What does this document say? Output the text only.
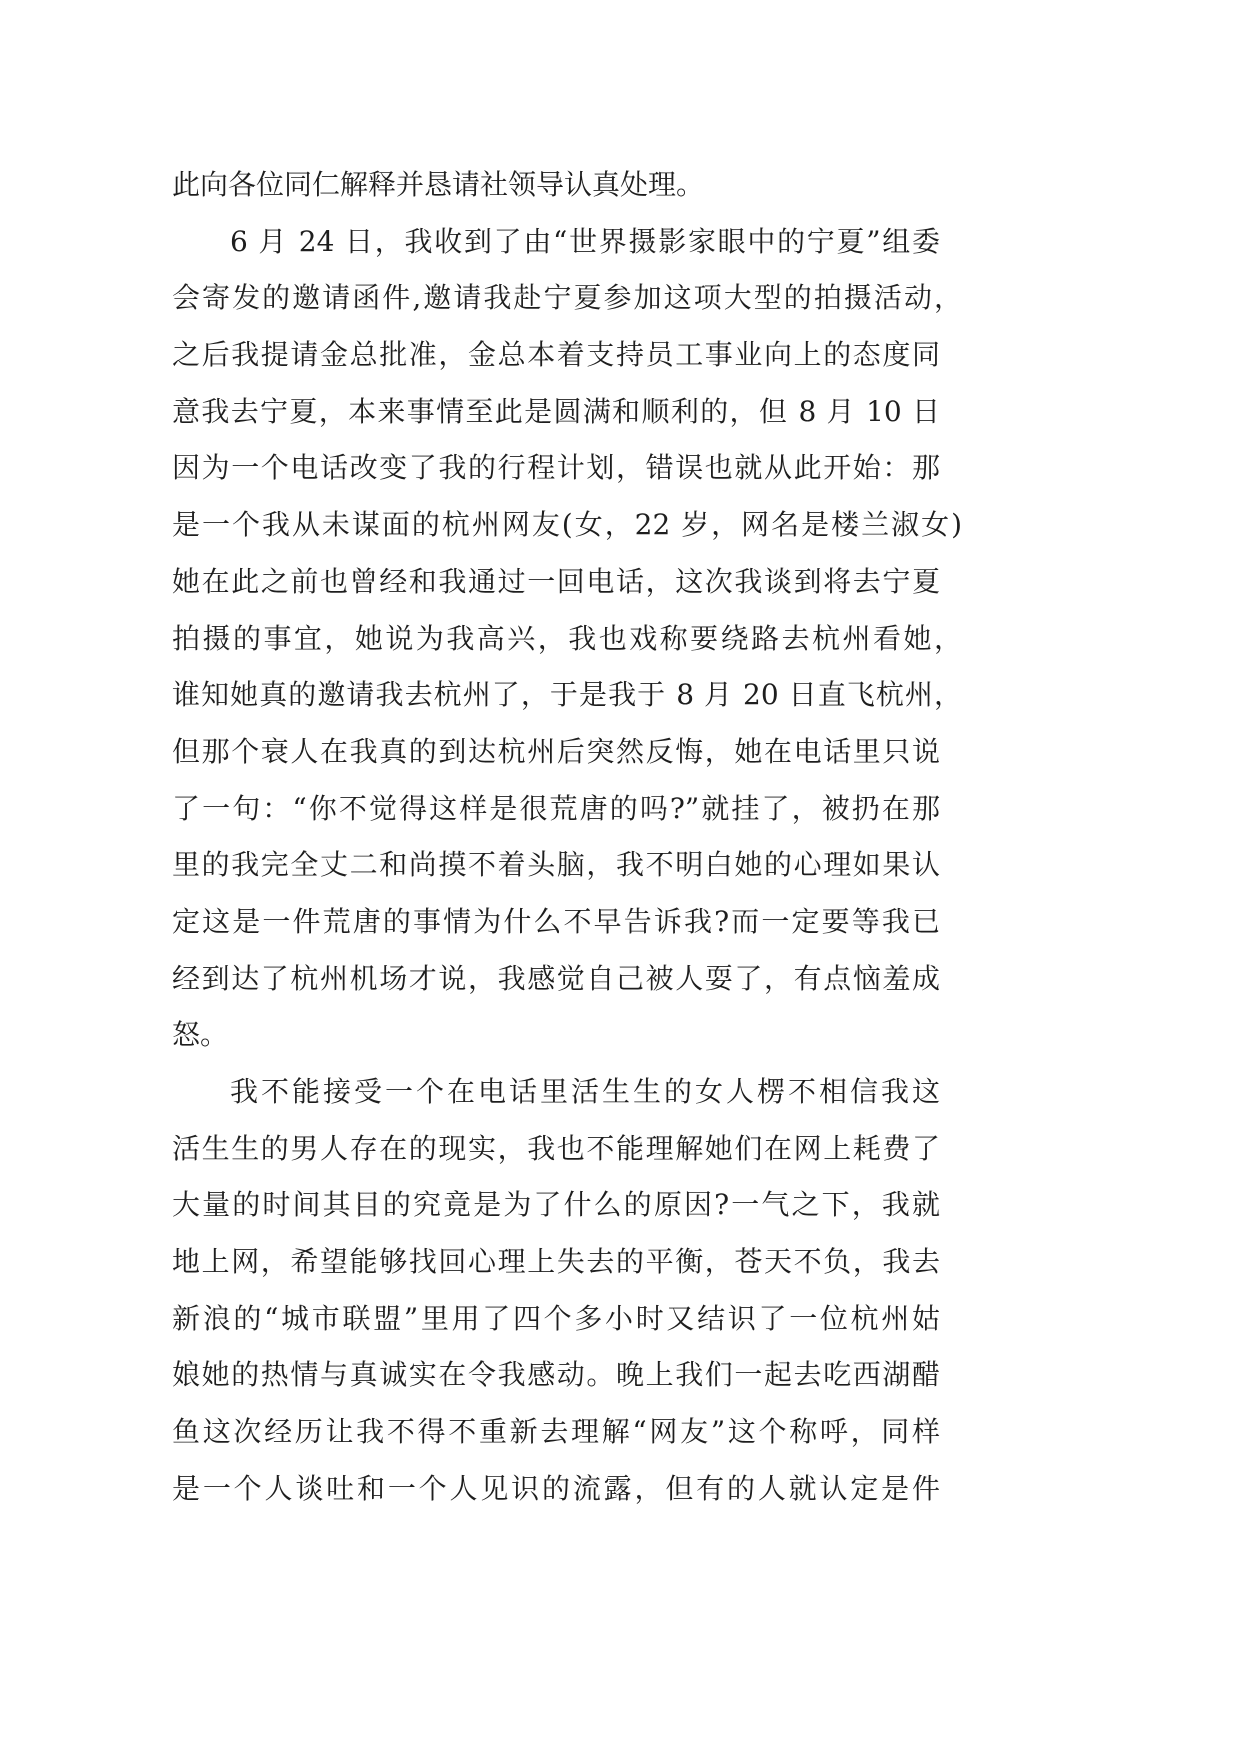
此向各位同仁解释并恳请社领导认真处理。
6 月 24 日，我收到了由“世界摄影家眼中的宁夏”组委
会寄发的邀请函件,邀请我赴宁夏参加这项大型的拍摄活动，
之后我提请金总批准，金总本着支持员工事业向上的态度同
意我去宁夏，本来事情至此是圆满和顺利的，但 8 月 10 日
因为一个电话改变了我的行程计划，错误也就从此开始：那
是一个我从未谋面的杭州网友(女，22 岁，网名是楼兰淑女)
她在此之前也曾经和我通过一回电话，这次我谈到将去宁夏
拍摄的事宜，她说为我高兴，我也戏称要绕路去杭州看她，
谁知她真的邀请我去杭州了，于是我于 8 月 20 日直飞杭州，
但那个衰人在我真的到达杭州后突然反悔，她在电话里只说
了一句：“你不觉得这样是很荒唐的吗?”就挂了，被扔在那
里的我完全丈二和尚摸不着头脑，我不明白她的心理如果认
定这是一件荒唐的事情为什么不早告诉我?而一定要等我已
经到达了杭州机场才说，我感觉自己被人耍了，有点恼羞成
怒。
我不能接受一个在电话里活生生的女人楞不相信我这
活生生的男人存在的现实，我也不能理解她们在网上耗费了
大量的时间其目的究竟是为了什么的原因?一气之下，我就
地上网，希望能够找回心理上失去的平衡，苍天不负，我去
新浪的“城市联盟”里用了四个多小时又结识了一位杭州姑
娘她的热情与真诚实在令我感动。晚上我们一起去吃西湖醋
鱼这次经历让我不得不重新去理解“网友”这个称呼，同样
是一个人谈吐和一个人见识的流露，但有的人就认定是件
